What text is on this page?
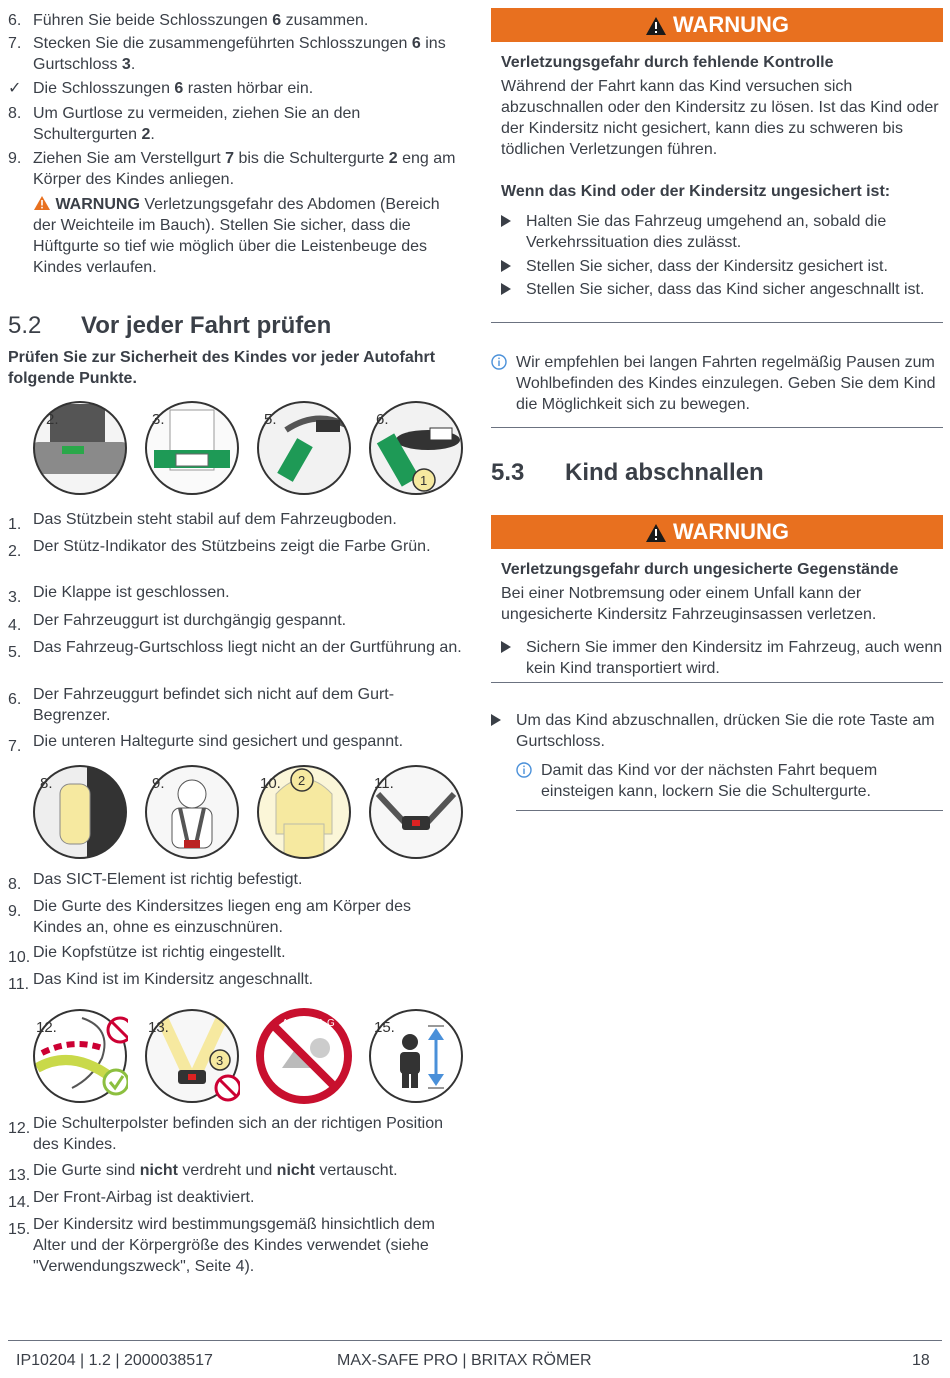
6. Führen Sie beide Schlosszungen 6 zusammen.
7. Stecken Sie die zusammengeführten Schlosszungen 6 ins Gurtschloss 3.
✓ Die Schlosszungen 6 rasten hörbar ein.
8. Um Gurtlose zu vermeiden, ziehen Sie an den Schultergurten 2.
9. Ziehen Sie am Verstellgurt 7 bis die Schultergurte 2 eng am Körper des Kindes anliegen.
WARNUNG Verletzungsgefahr des Abdomen (Bereich der Weichteile im Bauch). Stellen Sie sicher, dass die Hüftgurte so tief wie möglich über die Leistenbeuge des Kindes verlaufen.
5.2 Vor jeder Fahrt prüfen
Prüfen Sie zur Sicherheit des Kindes vor jeder Autofahrt folgende Punkte.
2.	3.	5.
1
6.
1. Das Stützbein steht stabil auf dem Fahrzeugboden.
2. Der Stütz-Indikator des Stützbeins zeigt die Farbe Grün.
3. Die Klappe ist geschlossen.
4. Der Fahrzeuggurt ist durchgängig gespannt.
5. Das Fahrzeug-Gurtschloss liegt nicht an der Gurtführung an.
6. Der Fahrzeuggurt befindet sich nicht auf dem Gurt-Begrenzer.
7. Die unteren Haltegurte sind gesichert und gespannt.
8.	9.	2
10.	11.
8. Das SICT-Element ist richtig befestigt.
9. Die Gurte des Kindersitzes liegen eng am Körper des Kindes an, ohne es einzuschnüren.
10. Die Kopfstütze ist richtig eingestellt.
11. Das Kind ist im Kindersitz angeschnallt.
12.
3
13.	AIRBAG 15.
12. Die Schulterpolster befinden sich an der richtigen Position des Kindes.
13. Die Gurte sind nicht verdreht und nicht vertauscht.
14. Der Front-Airbag ist deaktiviert.
15. Der Kindersitz wird bestimmungsgemäß hinsichtlich dem Alter und der Körpergröße des Kindes verwendet (siehe "Verwendungszweck", Seite 4).
WARNUNG
Verletzungsgefahr durch fehlende Kontrolle
Während der Fahrt kann das Kind versuchen sich abzuschnallen oder den Kindersitz zu lösen. Ist das Kind oder der Kindersitz nicht gesichert, kann dies zu schweren bis tödlichen Verletzungen führen.
Wenn das Kind oder der Kindersitz ungesichert ist:
Halten Sie das Fahrzeug umgehend an, sobald die Verkehrssituation dies zulässt.
Stellen Sie sicher, dass der Kindersitz gesichert ist.
Stellen Sie sicher, dass das Kind sicher angeschnallt ist.
Wir empfehlen bei langen Fahrten regelmäßig Pausen zum Wohlbefinden des Kindes einzulegen. Geben Sie dem Kind die Möglichkeit sich zu bewegen.
5.3 Kind abschnallen
WARNUNG
Verletzungsgefahr durch ungesicherte Gegenstände
Bei einer Notbremsung oder einem Unfall kann der ungesicherte Kindersitz Fahrzeuginsassen verletzen.
Sichern Sie immer den Kindersitz im Fahrzeug, auch wenn kein Kind transportiert wird.
Um das Kind abzuschnallen, drücken Sie die rote Taste am Gurtschloss.
Damit das Kind vor der nächsten Fahrt bequem einsteigen kann, lockern Sie die Schultergurte.
IP10204 | 1.2 | 2000038517	MAX-SAFE PRO | BRITAX RÖMER	18
